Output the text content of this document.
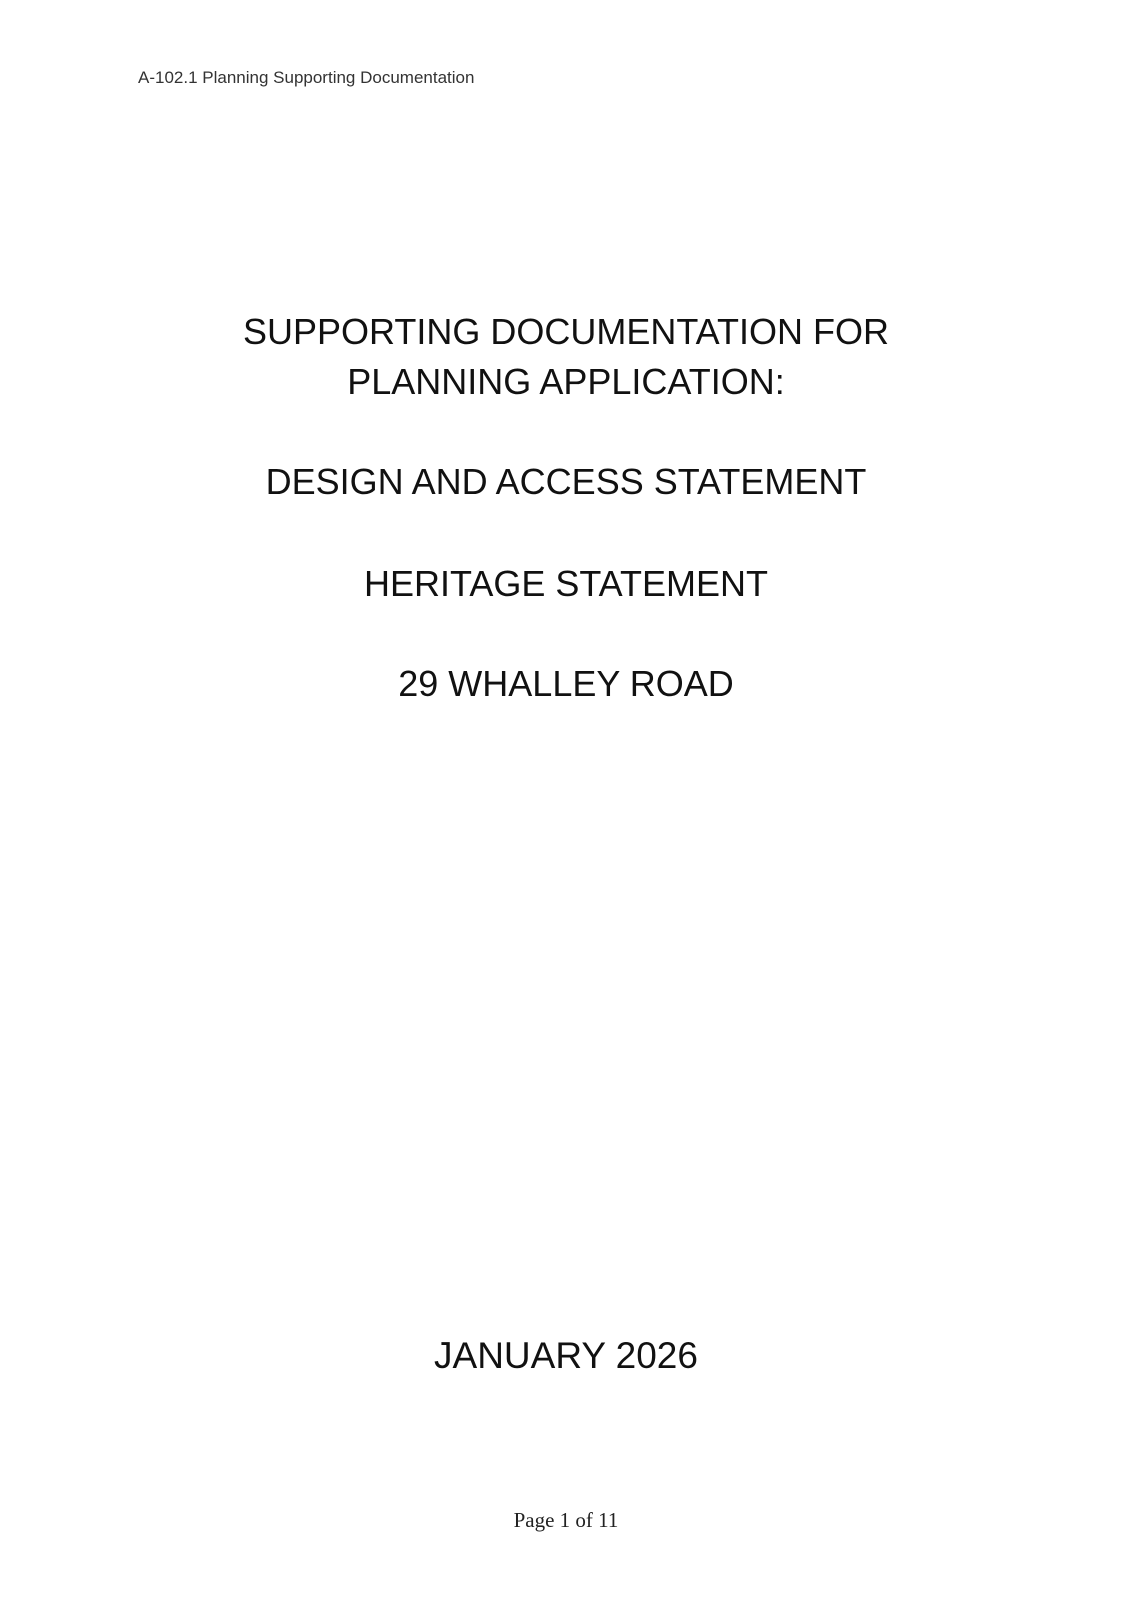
A-102.1 Planning Supporting Documentation
SUPPORTING DOCUMENTATION FOR
PLANNING APPLICATION:
DESIGN AND ACCESS STATEMENT
HERITAGE STATEMENT
29 WHALLEY ROAD
JANUARY 2026
Page 1 of 11
